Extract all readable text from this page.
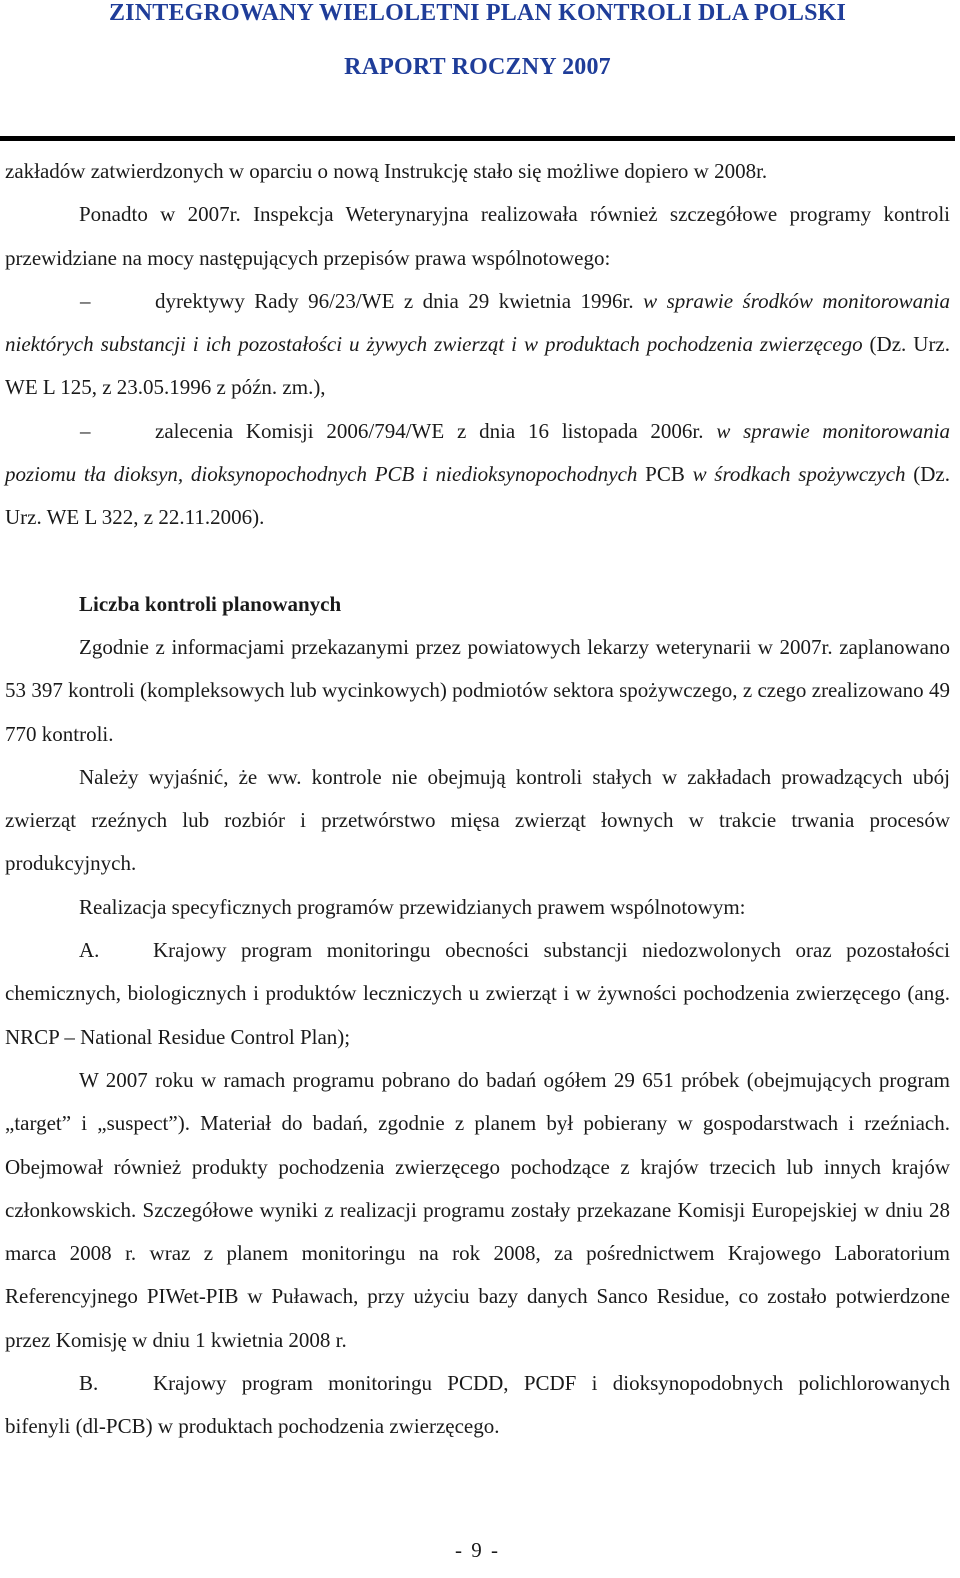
ZINTEGROWANY WIELOLETNI PLAN KONTROLI DLA POLSKI
RAPORT ROCZNY 2007

zakładów zatwierdzonych w oparciu o nową Instrukcję stało się możliwe dopiero w 2008r.

Ponadto w 2007r. Inspekcja Weterynaryjna realizowała również szczegółowe programy kontroli przewidziane na mocy następujących przepisów prawa wspólnotowego:

–	dyrektywy Rady 96/23/WE z dnia 29 kwietnia 1996r. w sprawie środków monitorowania niektórych substancji i ich pozostałości u żywych zwierząt i w produktach pochodzenia zwierzęcego (Dz. Urz. WE L 125, z 23.05.1996 z późn. zm.),

–	zalecenia Komisji 2006/794/WE z dnia 16 listopada 2006r. w sprawie monitorowania poziomu tła dioksyn, dioksynopochodnych PCB i niedioksynopochodnych PCB w środkach spożywczych (Dz. Urz. WE L 322, z 22.11.2006).

Liczba kontroli planowanych

Zgodnie z informacjami przekazanymi przez powiatowych lekarzy weterynarii w 2007r. zaplanowano 53 397 kontroli (kompleksowych lub wycinkowych) podmiotów sektora spożywczego, z czego zrealizowano 49 770 kontroli.

Należy wyjaśnić, że ww. kontrole nie obejmują kontroli stałych w zakładach prowadzących ubój zwierząt rzeźnych lub rozbiór i przetwórstwo mięsa zwierząt łownych w trakcie trwania procesów produkcyjnych.

Realizacja specyficznych programów przewidzianych prawem wspólnotowym:

A.	Krajowy program monitoringu obecności substancji niedozwolonych oraz pozostałości chemicznych, biologicznych i produktów leczniczych u zwierząt i w żywności pochodzenia zwierzęcego (ang. NRCP – National Residue Control Plan);

W 2007 roku w ramach programu pobrano do badań ogółem 29 651 próbek (obejmujących program „target” i „suspect”). Materiał do badań, zgodnie z planem był pobierany w gospodarstwach i rzeźniach. Obejmował również produkty pochodzenia zwierzęcego pochodzące z krajów trzecich lub innych krajów członkowskich. Szczegółowe wyniki z realizacji programu zostały przekazane Komisji Europejskiej w dniu 28 marca 2008 r. wraz z planem monitoringu na rok 2008, za pośrednictwem Krajowego Laboratorium Referencyjnego PIWet-PIB w Puławach, przy użyciu bazy danych Sanco Residue, co zostało potwierdzone przez Komisję w dniu 1 kwietnia 2008 r.

B.	Krajowy program monitoringu PCDD, PCDF i dioksynopodobnych polichlorowanych bifenyli (dl-PCB) w produktach pochodzenia zwierzęcego.

- 9 -
